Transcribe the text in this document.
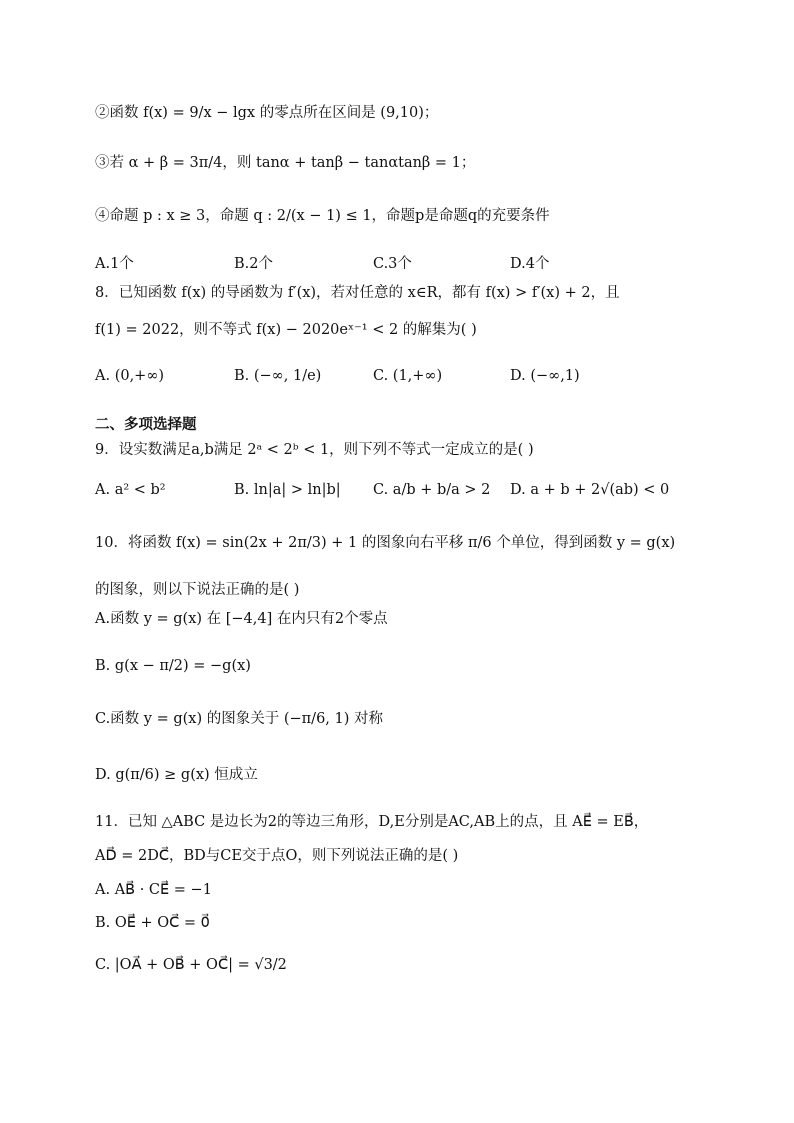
②函数 f(x) = 9/x − lgx 的零点所在区间是 (9,10)；
③若 α + β = 3π/4，则 tanα + tanβ − tanαtanβ = 1；
④命题 p : x ≥ 3，命题 q : 2/(x − 1) ≤ 1，命题p是命题q的充要条件
A.1个	B.2个	C.3个	D.4个
8．已知函数 f(x) 的导函数为 f′(x)，若对任意的 x∈R，都有 f(x) > f′(x) + 2，且
f(1) = 2022，则不等式 f(x) − 2020eˣ⁻¹ < 2 的解集为( )
A. (0,+∞)	B. (−∞, 1/e)	C. (1,+∞)	D. (−∞,1)
二、多项选择题
9．设实数满足a,b满足 2ᵃ < 2ᵇ < 1，则下列不等式一定成立的是( )
A. a² < b²	B. ln|a| > ln|b| C. a/b + b/a > 2 D. a + b + 2√(ab) < 0
10．将函数 f(x) = sin(2x + 2π/3) + 1 的图象向右平移 π/6 个单位，得到函数 y = g(x)
的图象，则以下说法正确的是( )
A.函数 y = g(x) 在 [−4,4] 在内只有2个零点
B. g(x − π/2) = −g(x)
C.函数 y = g(x) 的图象关于 (−π/6, 1) 对称
D. g(π/6) ≥ g(x) 恒成立
11．已知 △ABC 是边长为2的等边三角形，D,E分别是AC,AB上的点，且 AE⃗ = EB⃗，
AD⃗ = 2DC⃗，BD与CE交于点O，则下列说法正确的是( )
A. AB⃗ · CE⃗ = −1
B. OE⃗ + OC⃗ = 0⃗
C. |OA⃗ + OB⃗ + OC⃗| = √3/2
